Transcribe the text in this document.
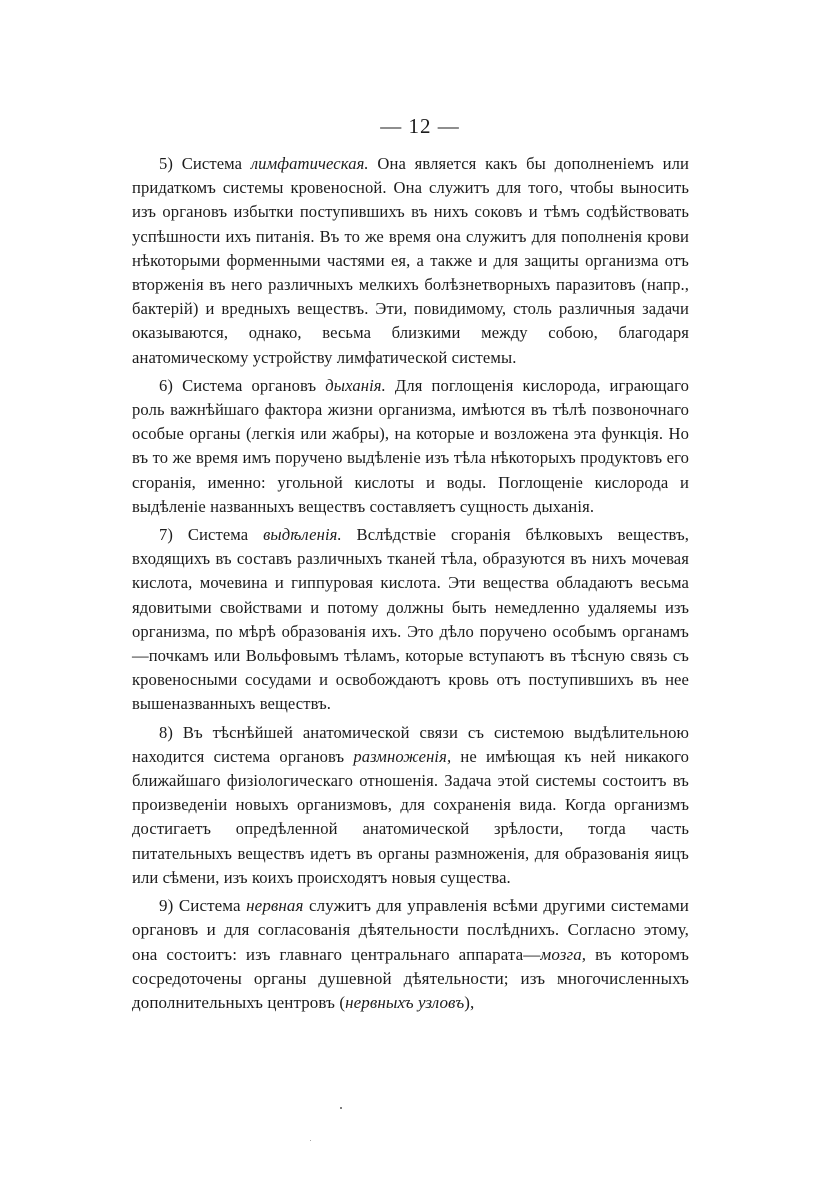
— 12 —

5) Система лимфатическая. Она является какъ бы дополненіемъ или придаткомъ системы кровеносной. Она служитъ для того, чтобы выносить изъ органовъ избытки поступившихъ въ нихъ соковъ и тѣмъ содѣйствовать успѣшности ихъ питанія. Въ то же время она служитъ для пополненія крови нѣкоторыми форменными частями ея, а также и для защиты организма отъ вторженія въ него различныхъ мелкихъ болѣзнетворныхъ паразитовъ (напр., бактерій) и вредныхъ веществъ. Эти, повидимому, столь различныя задачи оказываются, однако, весьма близкими между собою, благодаря анатомическому устройству лимфатической системы.

6) Система органовъ дыханія. Для поглощенія кислорода, играющаго роль важнѣйшаго фактора жизни организма, имѣются въ тѣлѣ позвоночнаго особые органы (легкія или жабры), на которые и возложена эта функція. Но въ то же время имъ поручено выдѣленіе изъ тѣла нѣкоторыхъ продуктовъ его сгоранія, именно: угольной кислоты и воды. Поглощеніе кислорода и выдѣленіе названныхъ веществъ составляетъ сущность дыханія.

7) Система выдѣленія. Вслѣдствіе сгоранія бѣлковыхъ веществъ, входящихъ въ составъ различныхъ тканей тѣла, образуются въ нихъ мочевая кислота, мочевина и гиппуровая кислота. Эти вещества обладаютъ весьма ядовитыми свойствами и потому должны быть немедленно удаляемы изъ организма, по мѣрѣ образованія ихъ. Это дѣло поручено особымъ органамъ—почкамъ или Вольфовымъ тѣламъ, которые вступаютъ въ тѣсную связь съ кровеносными сосудами и освобождаютъ кровь отъ поступившихъ въ нее вышеназванныхъ веществъ.

8) Въ тѣснѣйшей анатомической связи съ системою выдѣлительною находится система органовъ размноженія, не имѣющая къ ней никакого ближайшаго физіологическаго отношенія. Задача этой системы состоитъ въ произведеніи новыхъ организмовъ, для сохраненія вида. Когда организмъ достигаетъ опредѣленной анатомической зрѣлости, тогда часть питательныхъ веществъ идетъ въ органы размноженія, для образованія яицъ или сѣмени, изъ коихъ происходятъ новыя существа.

9) Система нервная служитъ для управленія всѣми другими системами органовъ и для согласованія дѣятельности послѣднихъ. Согласно этому, она состоитъ: изъ главнаго центральнаго аппарата—мозга, въ которомъ сосредоточены органы душевной дѣятельности; изъ многочисленныхъ дополнительныхъ центровъ (нервныхъ узловъ),
